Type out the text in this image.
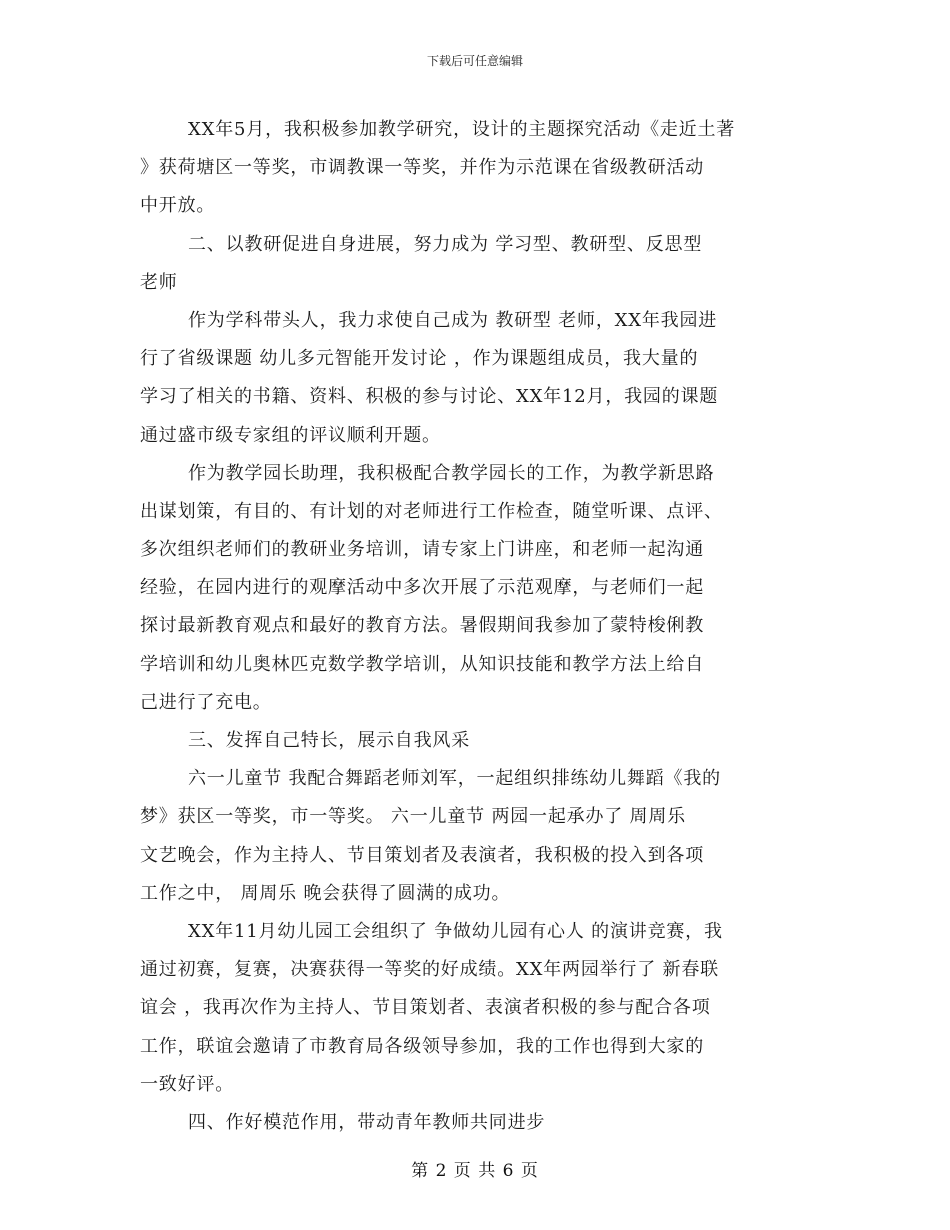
下载后可任意编辑
XX年5月，我积极参加教学研究，设计的主题探究活动《走近土著
》获荷塘区一等奖，市调教课一等奖，并作为示范课在省级教研活动
中开放。
二、以教研促进自身进展，努力成为 学习型、教研型、反思型
老师
作为学科带头人，我力求使自己成为 教研型 老师，XX年我园进
行了省级课题 幼儿多元智能开发讨论 ，作为课题组成员，我大量的
学习了相关的书籍、资料、积极的参与讨论、XX年12月，我园的课题
通过盛市级专家组的评议顺利开题。
作为教学园长助理，我积极配合教学园长的工作，为教学新思路
出谋划策，有目的、有计划的对老师进行工作检查，随堂听课、点评、
多次组织老师们的教研业务培训，请专家上门讲座，和老师一起沟通
经验，在园内进行的观摩活动中多次开展了示范观摩，与老师们一起
探讨最新教育观点和最好的教育方法。暑假期间我参加了蒙特梭俐教
学培训和幼儿奥林匹克数学教学培训，从知识技能和教学方法上给自
己进行了充电。
三、发挥自己特长，展示自我风采
六一儿童节 我配合舞蹈老师刘军，一起组织排练幼儿舞蹈《我的
梦》获区一等奖，市一等奖。 六一儿童节 两园一起承办了 周周乐
文艺晚会，作为主持人、节目策划者及表演者，我积极的投入到各项
工作之中， 周周乐 晚会获得了圆满的成功。
XX年11月幼儿园工会组织了 争做幼儿园有心人 的演讲竞赛，我
通过初赛，复赛，决赛获得一等奖的好成绩。XX年两园举行了 新春联
谊会 ，我再次作为主持人、节目策划者、表演者积极的参与配合各项
工作，联谊会邀请了市教育局各级领导参加，我的工作也得到大家的
一致好评。
四、作好模范作用，带动青年教师共同进步
第 2 页 共 6 页
